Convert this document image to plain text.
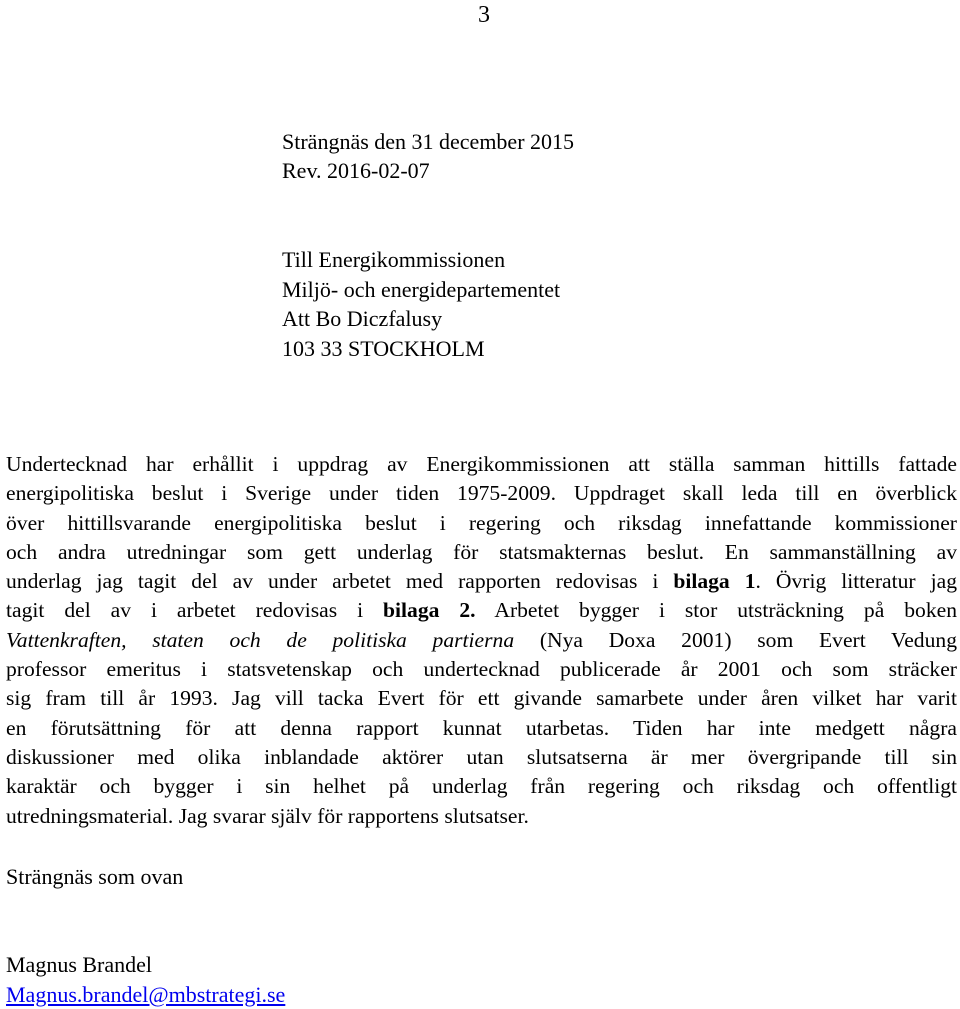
3
Strängnäs den 31 december 2015
Rev. 2016-02-07
Till Energikommissionen
Miljö- och energidepartementet
Att Bo Diczfalusy
103 33 STOCKHOLM
Undertecknad har erhållit i uppdrag av Energikommissionen att ställa samman hittills fattade
energipolitiska beslut i Sverige under tiden 1975-2009. Uppdraget skall leda till en överblick
över hittillsvarande energipolitiska beslut i regering och riksdag innefattande kommissioner
och andra utredningar som gett underlag för statsmakternas beslut. En sammanställning av
underlag jag tagit del av under arbetet med rapporten redovisas i bilaga 1. Övrig litteratur jag
tagit del av i arbetet redovisas i bilaga 2. Arbetet bygger i stor utsträckning på boken
Vattenkraften, staten och de politiska partierna (Nya Doxa 2001) som Evert Vedung
professor emeritus i statsvetenskap och undertecknad publicerade år 2001 och som sträcker
sig fram till år 1993. Jag vill tacka Evert för ett givande samarbete under åren vilket har varit
en förutsättning för att denna rapport kunnat utarbetas. Tiden har inte medgett några
diskussioner med olika inblandade aktörer utan slutsatserna är mer övergripande till sin
karaktär och bygger i sin helhet på underlag från regering och riksdag och offentligt
utredningsmaterial. Jag svarar själv för rapportens slutsatser.
Strängnäs som ovan
Magnus Brandel
Magnus.brandel@mbstrategi.se
